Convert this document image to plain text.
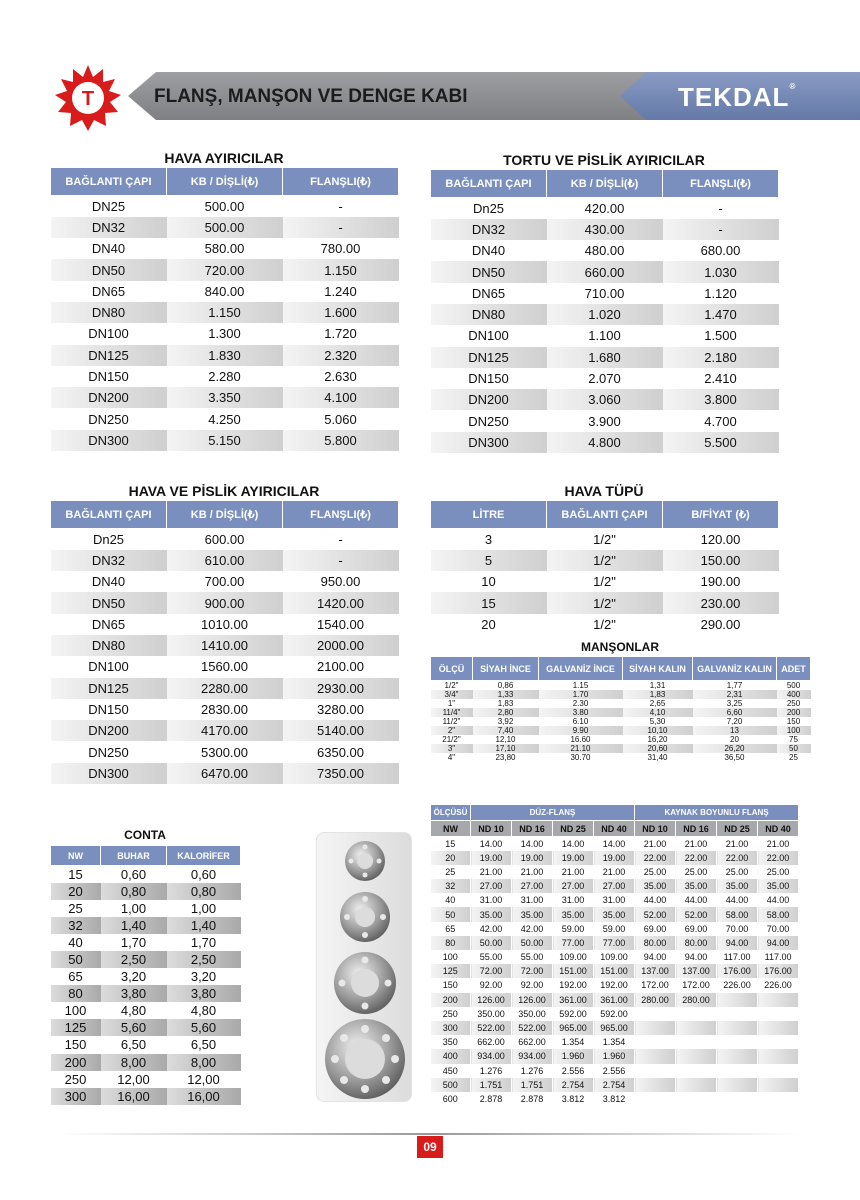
FLANŞ, MANŞON VE DENGE KABI	TEKDAL®
T
HAVA AYIRICILAR
BAĞLANTI ÇAPI	KB / DİŞLİ(₺)	FLANŞLI(₺)
DN25	500.00	-
DN32	500.00	-
DN40	580.00	780.00
DN50	720.00	1.150
DN65	840.00	1.240
DN80	1.150	1.600
DN100	1.300	1.720
DN125	1.830	2.320
DN150	2.280	2.630
DN200	3.350	4.100
DN250	4.250	5.060
DN300	5.150	5.800
TORTU VE PİSLİK AYIRICILAR
BAĞLANTI ÇAPI	KB / DİŞLİ(₺)	FLANŞLI(₺)
Dn25	420.00	-
DN32	430.00	-
DN40	480.00	680.00
DN50	660.00	1.030
DN65	710.00	1.120
DN80	1.020	1.470
DN100	1.100	1.500
DN125	1.680	2.180
DN150	2.070	2.410
DN200	3.060	3.800
DN250	3.900	4.700
DN300	4.800	5.500
HAVA VE PİSLİK AYIRICILAR
BAĞLANTI ÇAPI	KB / DİŞLİ(₺)	FLANŞLI(₺)
Dn25	600.00	-
DN32	610.00	-
DN40	700.00	950.00
DN50	900.00	1420.00
DN65	1010.00	1540.00
DN80	1410.00	2000.00
DN100	1560.00	2100.00
DN125	2280.00	2930.00
DN150	2830.00	3280.00
DN200	4170.00	5140.00
DN250	5300.00	6350.00
DN300	6470.00	7350.00
HAVA TÜPÜ
LİTRE	BAĞLANTI ÇAPI	B/FİYAT (₺)
3	1/2"	120.00
5	1/2"	150.00
10	1/2"	190.00
15	1/2"	230.00
20	1/2"	290.00
MANŞONLAR
ÖLÇÜ	SİYAH İNCE	GALVANİZ İNCE	SİYAH KALIN	GALVANİZ KALIN	ADET
1/2"	0,86	1.15	1,31	1,77	500
3/4"	1,33	1.70	1,83	2,31	400
1"	1,83	2.30	2,65	3,25	250
11/4"	2,80	3.80	4,10	6,60	200
11/2"	3,92	6.10	5,30	7,20	150
2"	7,40	9.90	10,10	13	100
21/2"	12,10	16.60	16,20	20	75
3"	17,10	21.10	20,60	26,20	50
4"	23,80	30.70	31,40	36,50	25
CONTA
NW	BUHAR	KALORİFER
15	0,60	0,60
20	0,80	0,80
25	1,00	1,00
32	1,40	1,40
40	1,70	1,70
50	2,50	2,50
65	3,20	3,20
80	3,80	3,80
100	4,80	4,80
125	5,60	5,60
150	6,50	6,50
200	8,00	8,00
250	12,00	12,00
300	16,00	16,00
ÖLÇÜSÜ	DÜZ-FLANŞ				KAYNAK BOYUNLU FLANŞ			
NW	ND 10	ND 16	ND 25	ND 40	ND 10	ND 16	ND 25	ND 40
15	14.00	14.00	14.00	14.00	21.00	21.00	21.00	21.00
20	19.00	19.00	19.00	19.00	22.00	22.00	22.00	22.00
25	21.00	21.00	21.00	21.00	25.00	25.00	25.00	25.00
32	27.00	27.00	27.00	27.00	35.00	35.00	35.00	35.00
40	31.00	31.00	31.00	31.00	44.00	44.00	44.00	44.00
50	35.00	35.00	35.00	35.00	52.00	52.00	58.00	58.00
65	42.00	42.00	59.00	59.00	69.00	69.00	70.00	70.00
80	50.00	50.00	77.00	77.00	80.00	80.00	94.00	94.00
100	55.00	55.00	109.00	109.00	94.00	94.00	117.00	117.00
125	72.00	72.00	151.00	151.00	137.00	137.00	176.00	176.00
150	92.00	92.00	192.00	192.00	172.00	172.00	226.00	226.00
200	126.00	126.00	361.00	361.00	280.00	280.00		
250	350.00	350.00	592.00	592.00				
300	522.00	522.00	965.00	965.00				
350	662.00	662.00	1.354	1.354				
400	934.00	934.00	1.960	1.960				
450	1.276	1.276	2.556	2.556				
500	1.751	1.751	2.754	2.754				
600	2.878	2.878	3.812	3.812				
09
